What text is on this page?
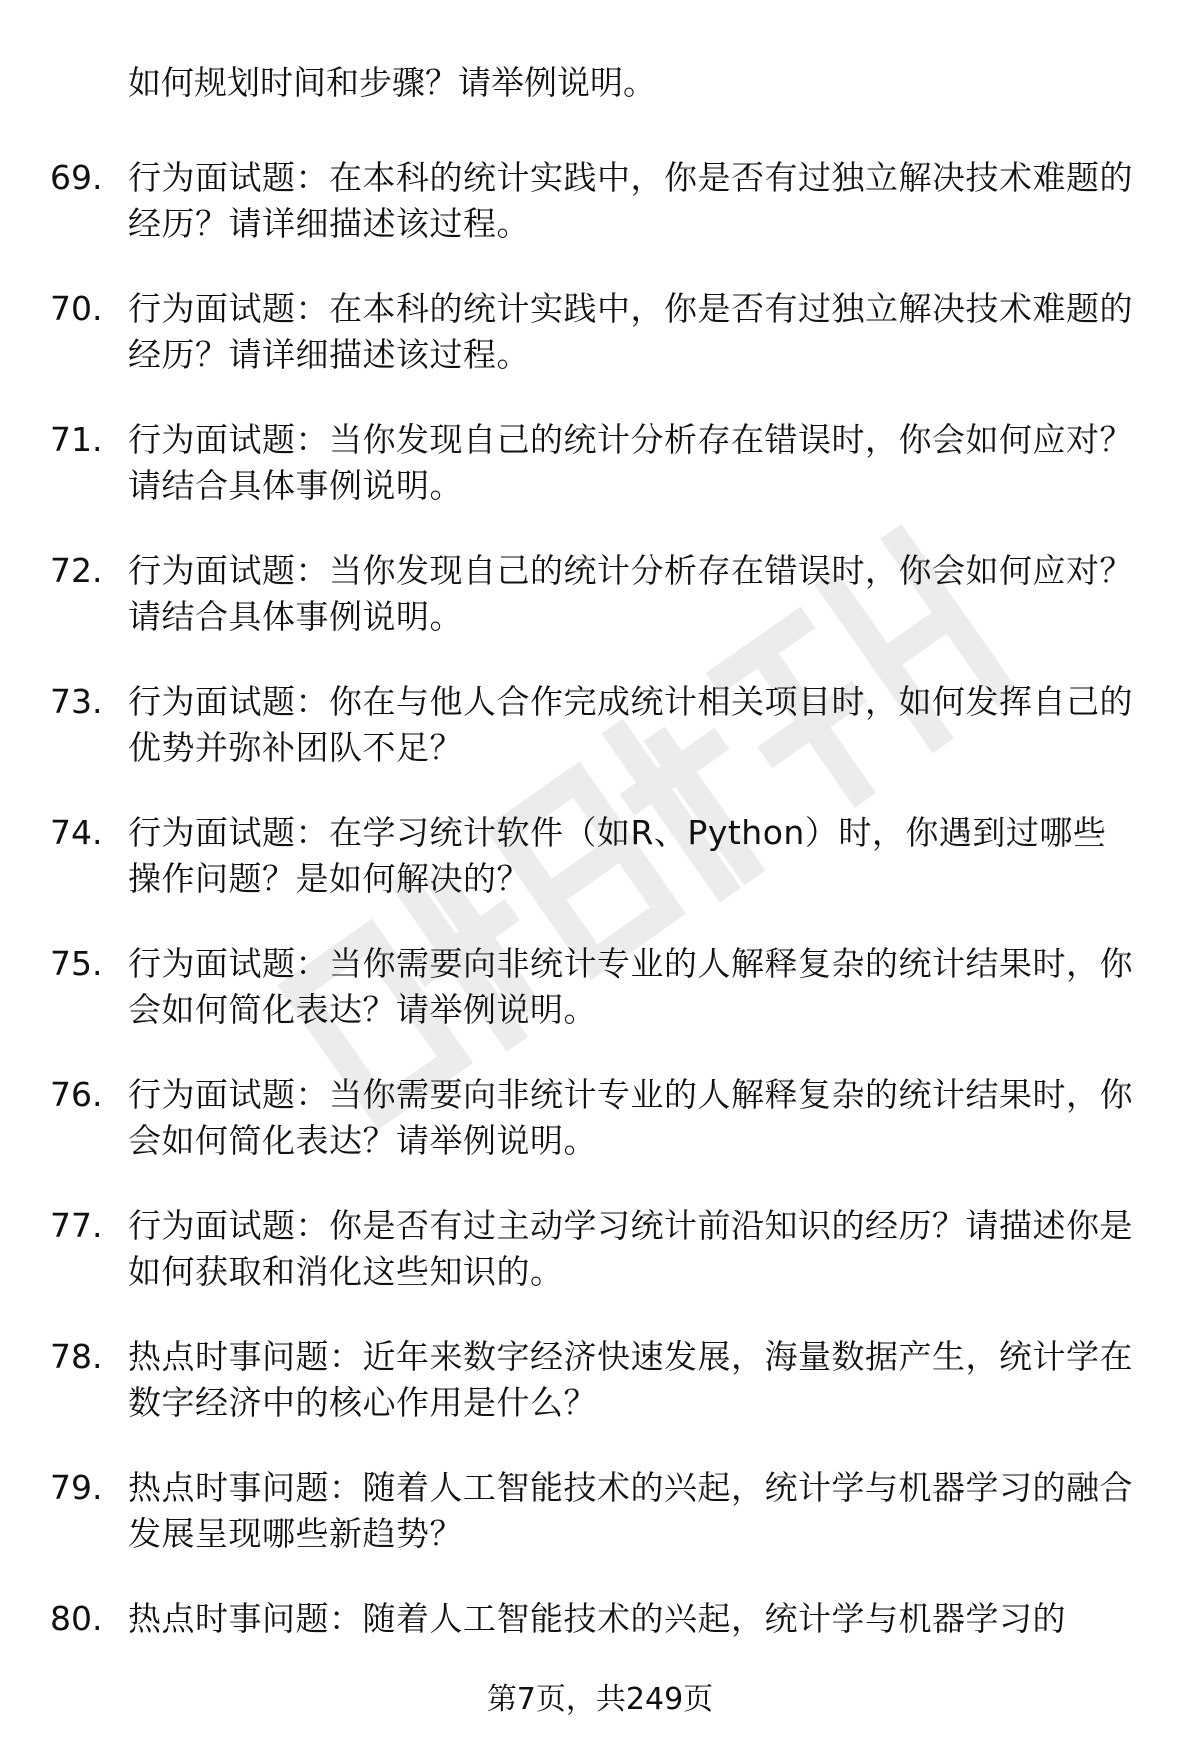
如何规划时间和步骤？请举例说明。
69. 行为面试题：在本科的统计实践中，你是否有过独立解决技术难题的经历？请详细描述该过程。
70. 行为面试题：在本科的统计实践中，你是否有过独立解决技术难题的经历？请详细描述该过程。
71. 行为面试题：当你发现自己的统计分析存在错误时，你会如何应对？请结合具体事例说明。
72. 行为面试题：当你发现自己的统计分析存在错误时，你会如何应对？请结合具体事例说明。
73. 行为面试题：你在与他人合作完成统计相关项目时，如何发挥自己的优势并弥补团队不足？
74. 行为面试题：在学习统计软件（如R、Python）时，你遇到过哪些操作问题？是如何解决的？
75. 行为面试题：当你需要向非统计专业的人解释复杂的统计结果时，你会如何简化表达？请举例说明。
76. 行为面试题：当你需要向非统计专业的人解释复杂的统计结果时，你会如何简化表达？请举例说明。
77. 行为面试题：你是否有过主动学习统计前沿知识的经历？请描述你是如何获取和消化这些知识的。
78. 热点时事问题：近年来数字经济快速发展，海量数据产生，统计学在数字经济中的核心作用是什么？
79. 热点时事问题：随着人工智能技术的兴起，统计学与机器学习的融合发展呈现哪些新趋势？
80. 热点时事问题：随着人工智能技术的兴起，统计学与机器学习的
第7页，共249页
